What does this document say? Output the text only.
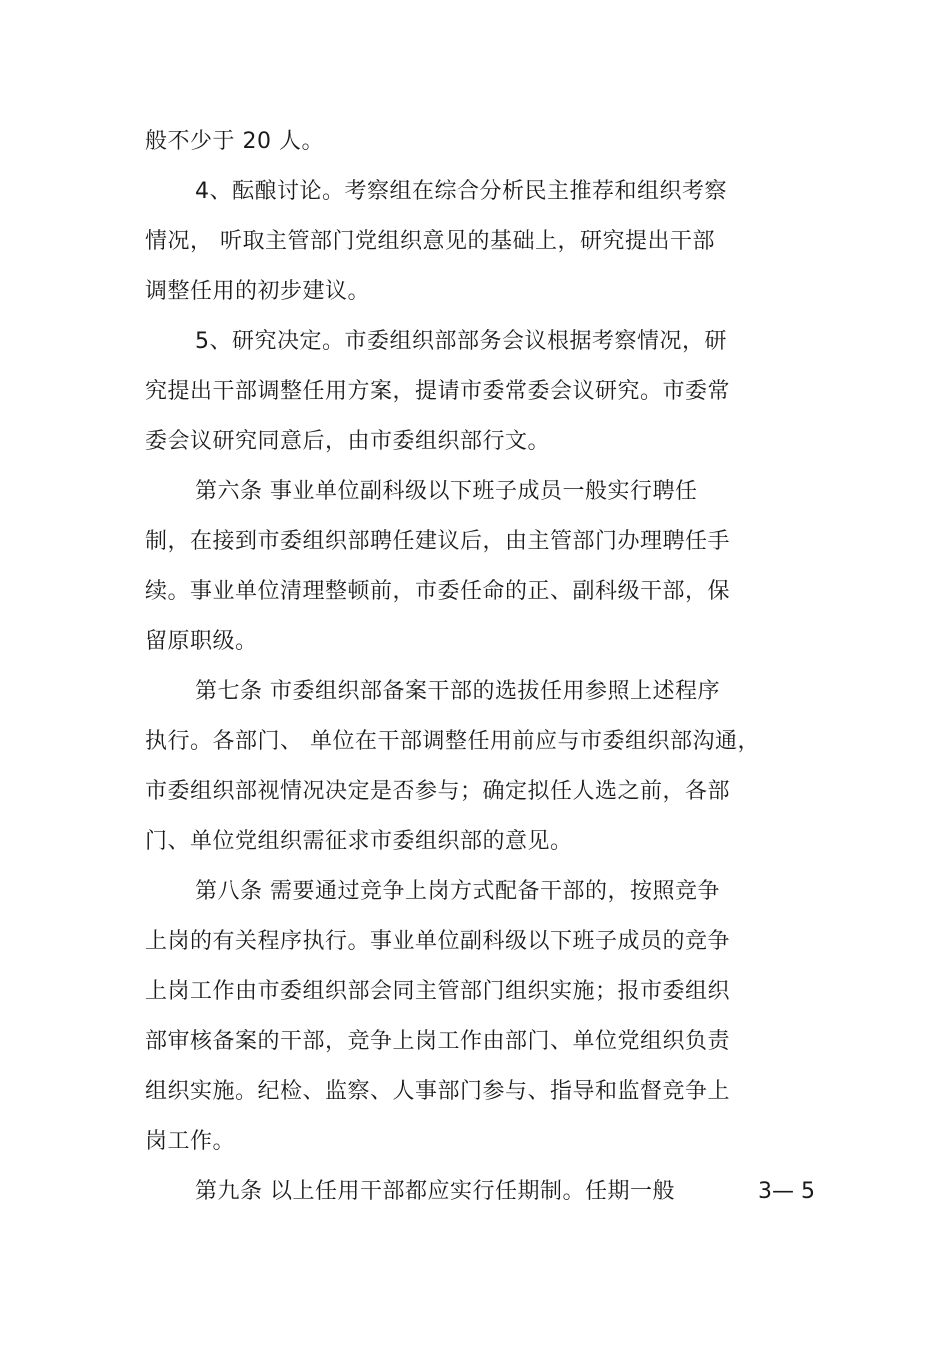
般不少于 20 人。

4、酝酿讨论。考察组在综合分析民主推荐和组织考察

情况， 听取主管部门党组织意见的基础上，研究提出干部

调整任用的初步建议。

5、研究决定。市委组织部部务会议根据考察情况，研

究提出干部调整任用方案，提请市委常委会议研究。市委常

委会议研究同意后，由市委组织部行文。

第六条 事业单位副科级以下班子成员一般实行聘任

制，在接到市委组织部聘任建议后，由主管部门办理聘任手

续。事业单位清理整顿前，市委任命的正、副科级干部，保

留原职级。

第七条 市委组织部备案干部的选拔任用参照上述程序

执行。各部门、 单位在干部调整任用前应与市委组织部沟通，

市委组织部视情况决定是否参与；确定拟任人选之前，各部

门、单位党组织需征求市委组织部的意见。

第八条 需要通过竞争上岗方式配备干部的，按照竞争

上岗的有关程序执行。事业单位副科级以下班子成员的竞争

上岗工作由市委组织部会同主管部门组织实施；报市委组织

部审核备案的干部，竞争上岗工作由部门、单位党组织负责

组织实施。纪检、监察、人事部门参与、指导和监督竞争上

岗工作。

第九条 以上任用干部都应实行任期制。任期一般	3— 5
